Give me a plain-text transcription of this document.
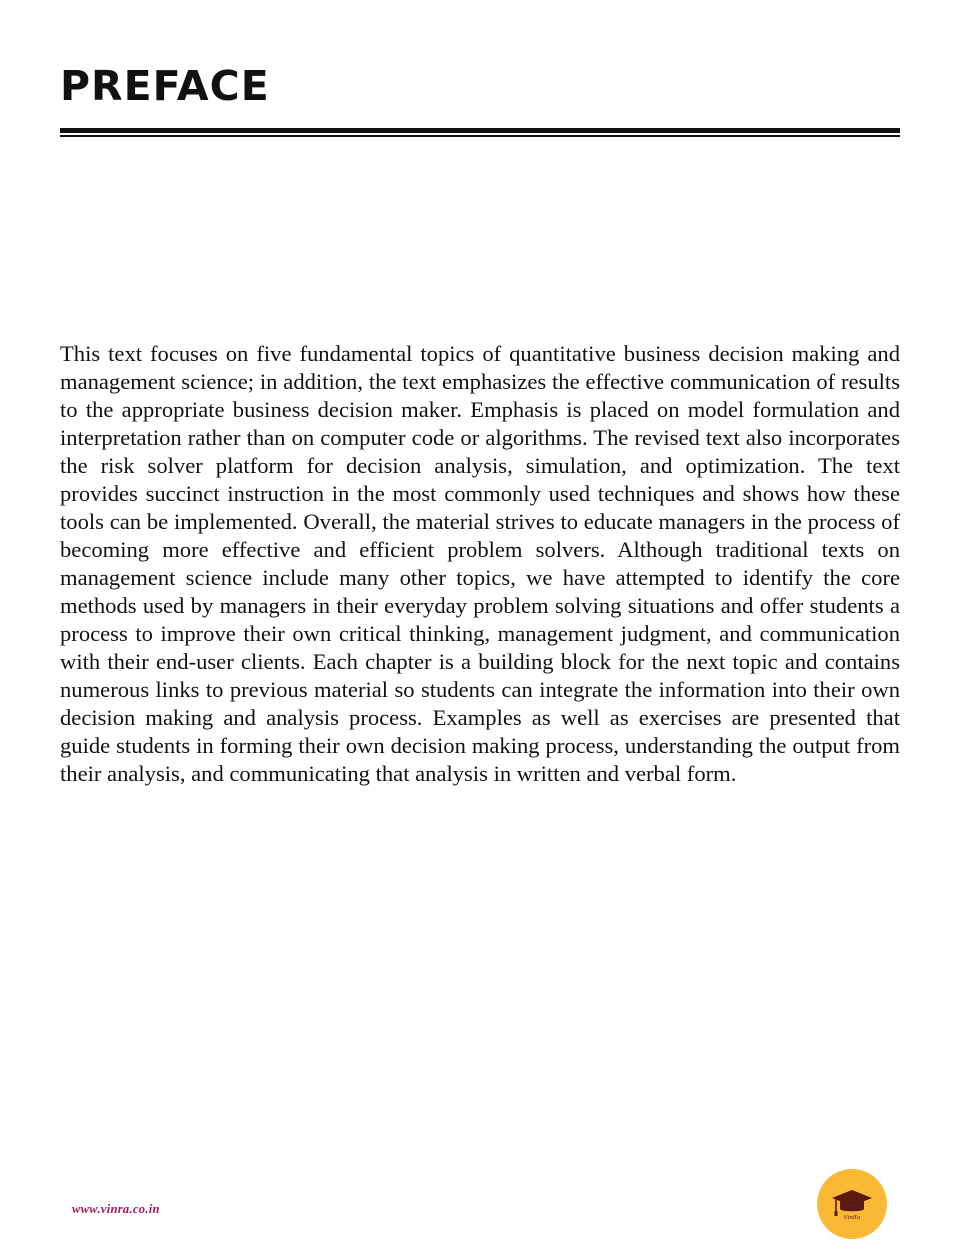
PREFACE

This text focuses on five fundamental topics of quantitative business decision making and management science; in addition, the text emphasizes the effective communication of results to the appropriate business decision maker. Emphasis is placed on model formulation and interpretation rather than on computer code or algorithms. The revised text also incorporates the risk solver platform for decision analysis, simulation, and optimization. The text provides succinct instruction in the most commonly used techniques and shows how these tools can be implemented. Overall, the material strives to educate managers in the process of becoming more effective and efficient problem solvers. Although traditional texts on management science include many other topics, we have attempted to identify the core methods used by managers in their everyday problem solving situations and offer students a process to improve their own critical thinking, management judgment, and communication with their end-user clients. Each chapter is a building block for the next topic and contains numerous links to previous material so students can integrate the information into their own decision making and analysis process. Examples as well as exercises are presented that guide students in forming their own decision making process, understanding the output from their analysis, and communicating that analysis in written and verbal form.

www.vinra.co.in
VinRa
